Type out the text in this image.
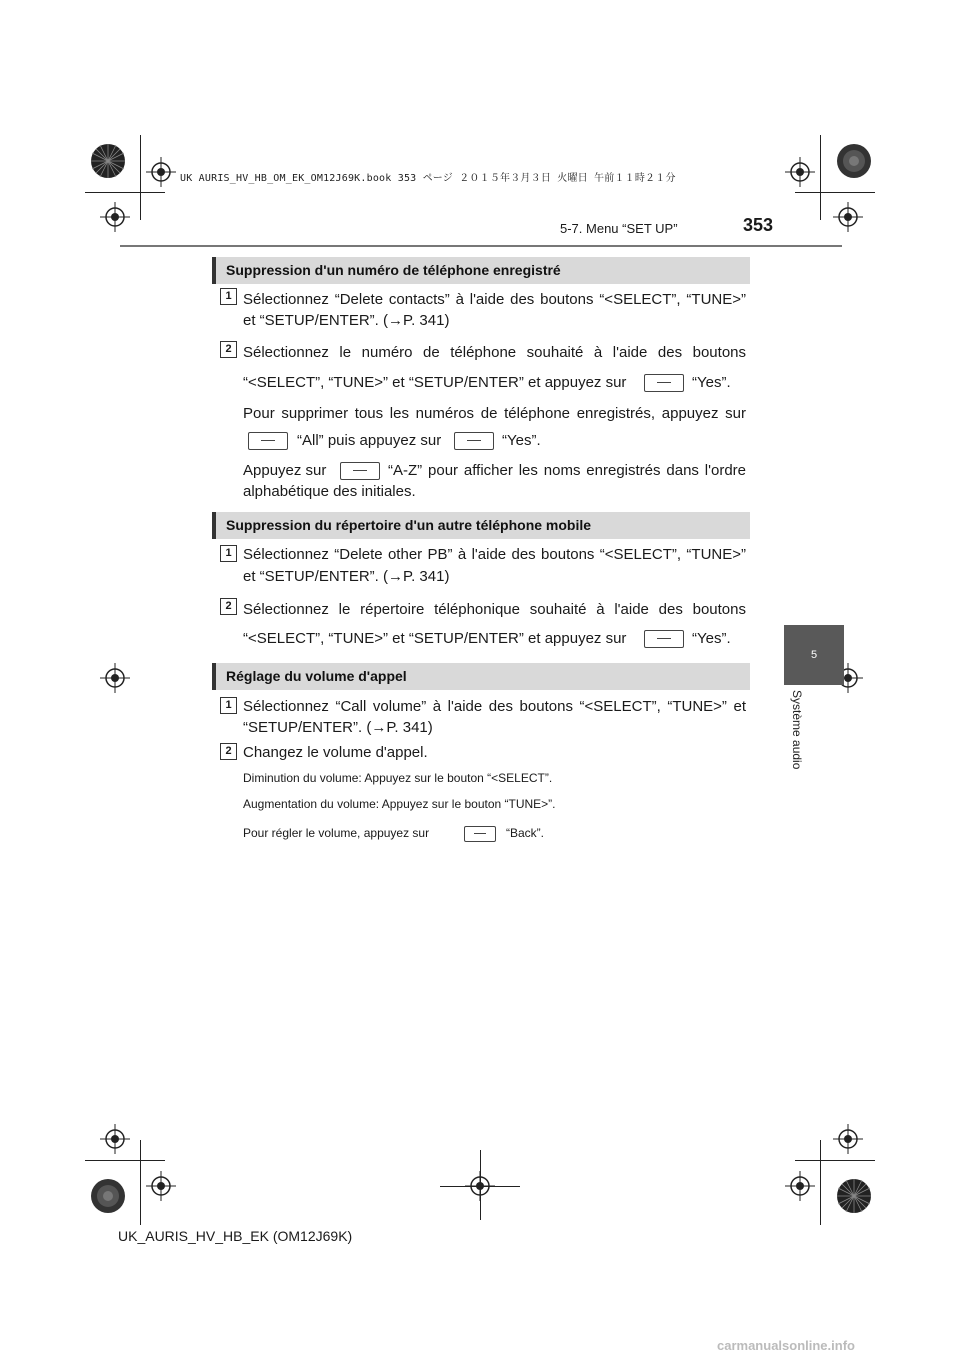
UK AURIS_HV_HB_OM_EK_OM12J69K.book 353 ページ ２０１５年３月３日 火曜日 午前１１時２１分
5-7. Menu “SET UP”	353
5
Système audio
Suppression d'un numéro de téléphone enregistré
1 Sélectionnez “Delete contacts” à l'aide des boutons “<SELECT”, “TUNE>”
et “SETUP/ENTER”. (→P. 341)
2 Sélectionnez le numéro de téléphone souhaité à l'aide des boutons
“<SELECT”, “TUNE>” et “SETUP/ENTER” et appuyez sur	“Yes”.
Pour supprimer tous les numéros de téléphone enregistrés, appuyez sur
“All” puis appuyez sur	“Yes”.
Appuyez sur	“A-Z” pour afficher les noms enregistrés dans l'ordre
alphabétique des initiales.
Suppression du répertoire d'un autre téléphone mobile
1 Sélectionnez “Delete other PB” à l'aide des boutons “<SELECT”, “TUNE>”
et “SETUP/ENTER”. (→P. 341)
2 Sélectionnez le répertoire téléphonique souhaité à l'aide des boutons
“<SELECT”, “TUNE>” et “SETUP/ENTER” et appuyez sur	“Yes”.
Réglage du volume d'appel
1 Sélectionnez “Call volume” à l'aide des boutons “<SELECT”, “TUNE>” et
“SETUP/ENTER”. (→P. 341)
2 Changez le volume d'appel.
Diminution du volume: Appuyez sur le bouton “<SELECT”.
Augmentation du volume: Appuyez sur le bouton “TUNE>”.
Pour régler le volume, appuyez sur	“Back”.
UK_AURIS_HV_HB_EK (OM12J69K)
carmanualsonline.info
